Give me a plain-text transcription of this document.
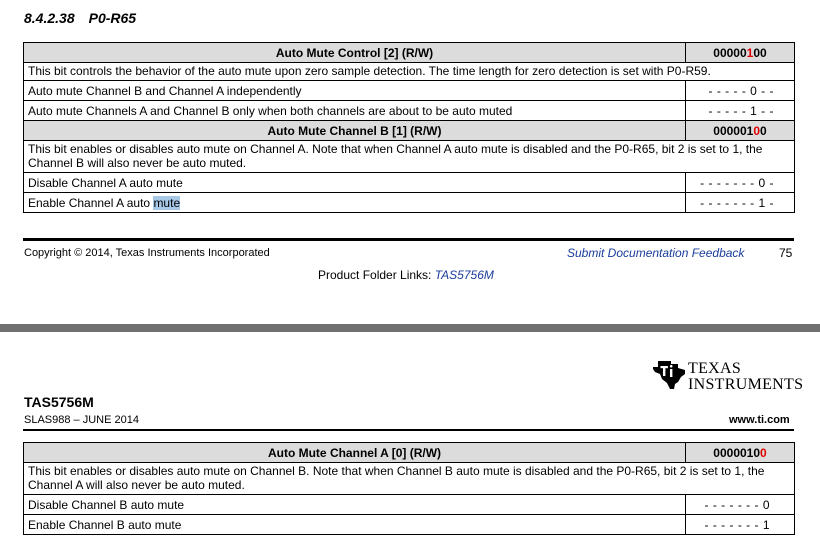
8.4.2.38 P0-R65
Auto Mute Control [2] (R/W)	00000100
This bit controls the behavior of the auto mute upon zero sample detection. The time length for zero detection is set with P0-R59.	
Auto mute Channel B and Channel A independently	- - - - - 0 - -
Auto mute Channels A and Channel B only when both channels are about to be auto muted	- - - - - 1 - -
Auto Mute Channel B [1] (R/W)	00000100
This bit enables or disables auto mute on Channel A. Note that when Channel A auto mute is disabled and the P0-R65, bit 2 is set to 1, the Channel B will also never be auto muted.	
Disable Channel A auto mute	- - - - - - - 0 -
Enable Channel A auto mute	- - - - - - - 1 -
Copyright © 2014, Texas Instruments Incorporated	Submit Documentation Feedback	75
Product Folder Links: TAS5756M
TEXAS
INSTRUMENTS
TAS5756M
SLAS988 – JUNE 2014	www.ti.com
Auto Mute Channel A [0] (R/W)	00000100
This bit enables or disables auto mute on Channel B. Note that when Channel B auto mute is disabled and the P0-R65, bit 2 is set to 1, the Channel A will also never be auto muted.	
Disable Channel B auto mute	- - - - - - - 0
Enable Channel B auto mute	- - - - - - - 1
